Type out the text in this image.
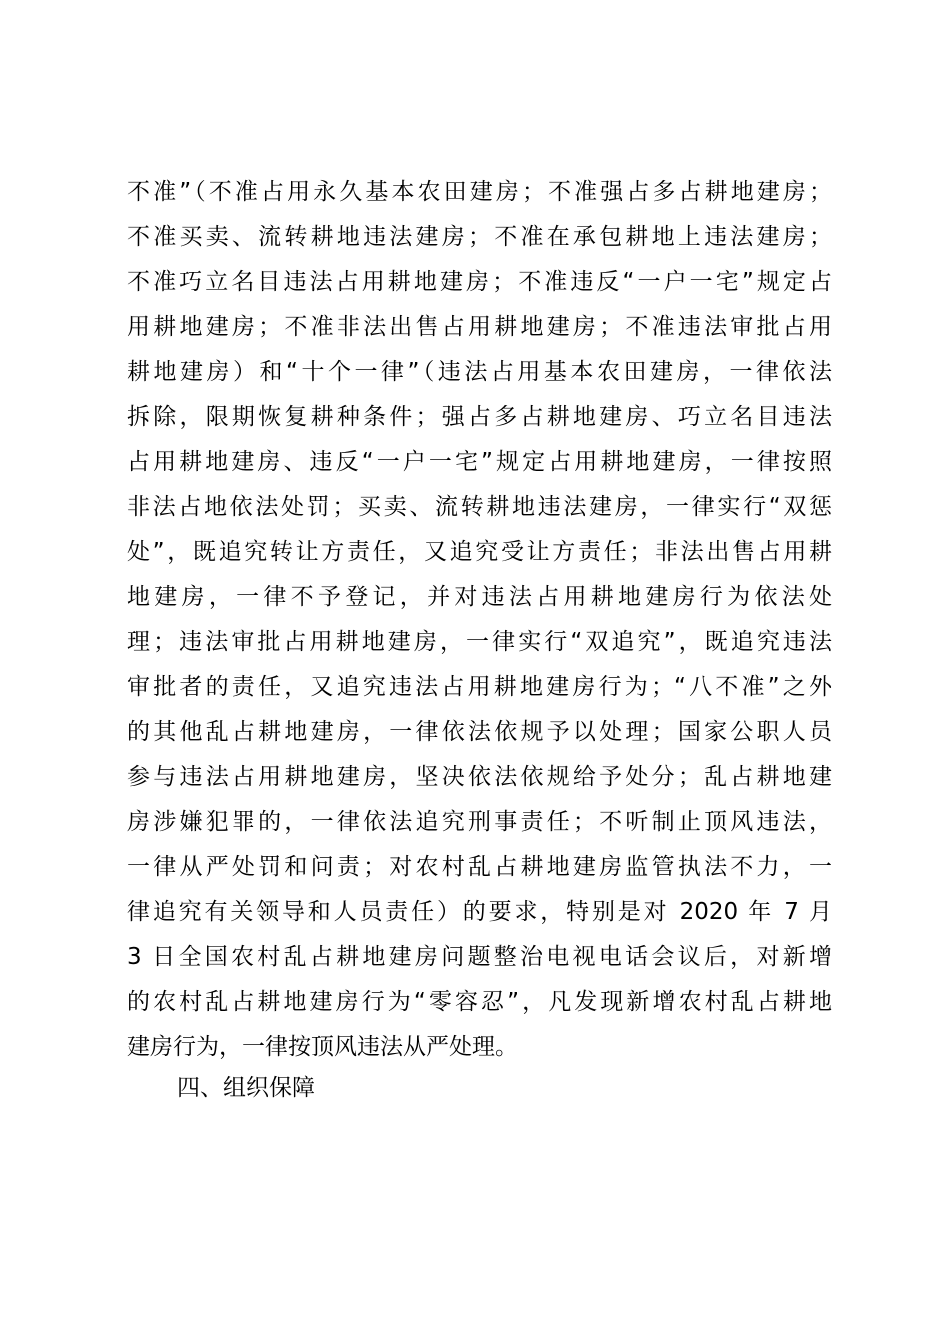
不准”（不准占用永久基本农田建房；不准强占多占耕地建房；
不准买卖、流转耕地违法建房；不准在承包耕地上违法建房；
不准巧立名目违法占用耕地建房；不准违反“一户一宅”规定占
用耕地建房；不准非法出售占用耕地建房；不准违法审批占用
耕地建房）和“十个一律”（违法占用基本农田建房，一律依法
拆除，限期恢复耕种条件；强占多占耕地建房、巧立名目违法
占用耕地建房、违反“一户一宅”规定占用耕地建房，一律按照
非法占地依法处罚；买卖、流转耕地违法建房，一律实行“双惩
处”，既追究转让方责任，又追究受让方责任；非法出售占用耕
地建房，一律不予登记，并对违法占用耕地建房行为依法处
理；违法审批占用耕地建房，一律实行“双追究”，既追究违法
审批者的责任，又追究违法占用耕地建房行为；“八不准”之外
的其他乱占耕地建房，一律依法依规予以处理；国家公职人员
参与违法占用耕地建房，坚决依法依规给予处分；乱占耕地建
房涉嫌犯罪的，一律依法追究刑事责任；不听制止顶风违法，
一律从严处罚和问责；对农村乱占耕地建房监管执法不力，一
律追究有关领导和人员责任）的要求，特别是对 2020 年 7 月
3 日全国农村乱占耕地建房问题整治电视电话会议后，对新增
的农村乱占耕地建房行为“零容忍”，凡发现新增农村乱占耕地
建房行为，一律按顶风违法从严处理。
四、组织保障
